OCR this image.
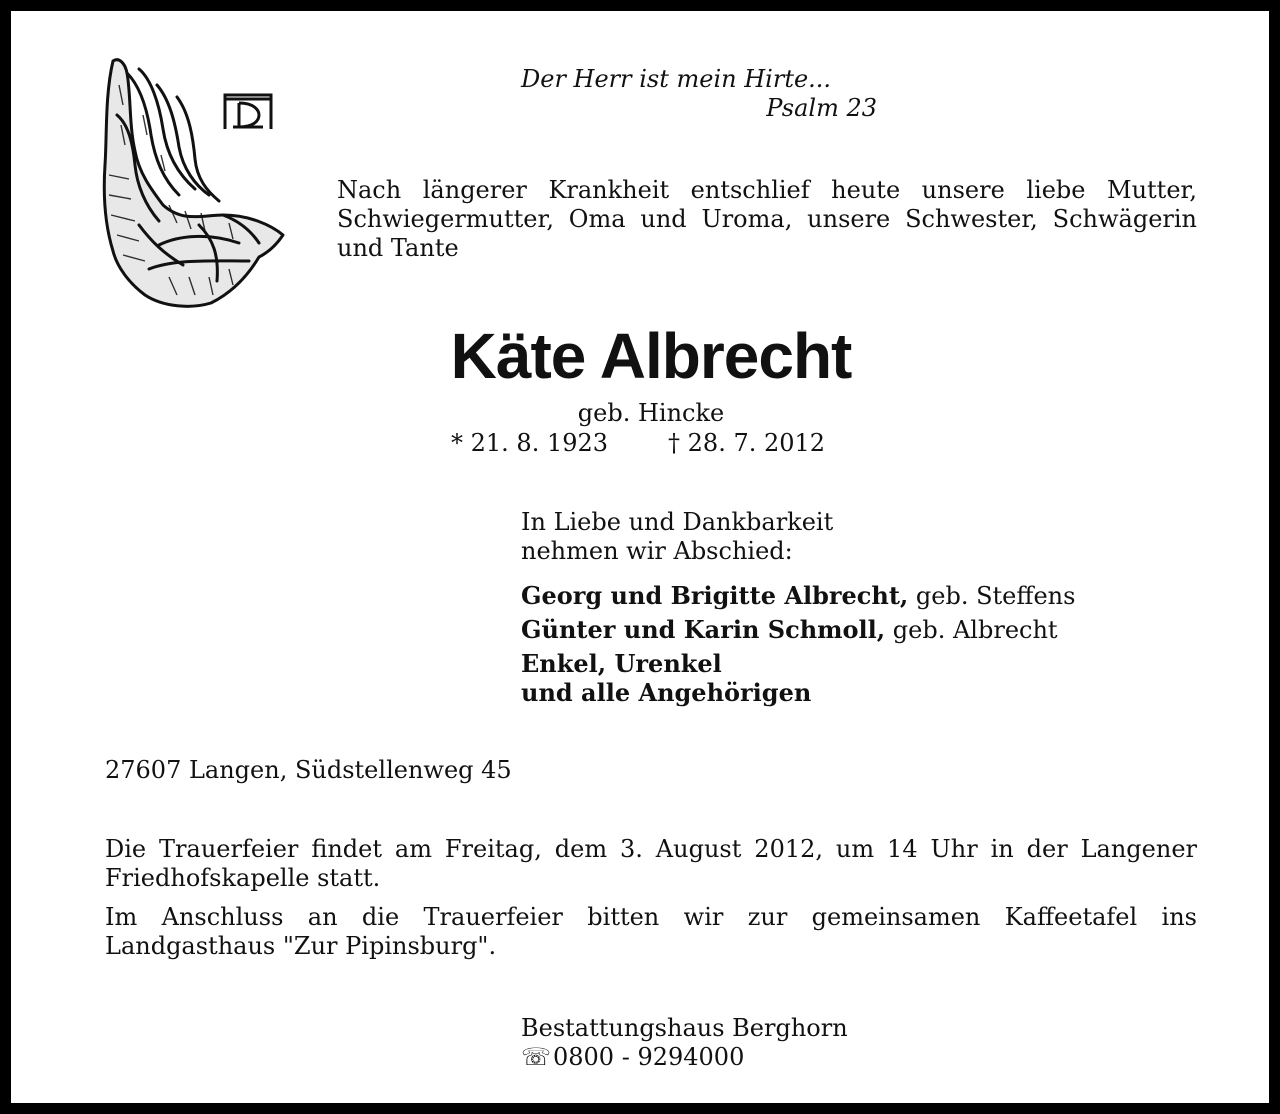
Der Herr ist mein Hirte...
Psalm 23
Nach längerer Krankheit entschlief heute unsere liebe Mutter, Schwiegermutter, Oma und Uroma, unsere Schwester, Schwägerin und Tante
Käte Albrecht
geb. Hincke
* 21. 8. 1923	† 28. 7. 2012
In Liebe und Dankbarkeit
nehmen wir Abschied:
Georg und Brigitte Albrecht, geb. Steffens
Günter und Karin Schmoll, geb. Albrecht
Enkel, Urenkel
und alle Angehörigen
27607 Langen, Südstellenweg 45
Die Trauerfeier findet am Freitag, dem 3. August 2012, um 14 Uhr in der Langener Friedhofskapelle statt.
Im Anschluss an die Trauerfeier bitten wir zur gemeinsamen Kaffeetafel ins Landgasthaus "Zur Pipinsburg".
Bestattungshaus Berghorn
☏0800 - 9294000
